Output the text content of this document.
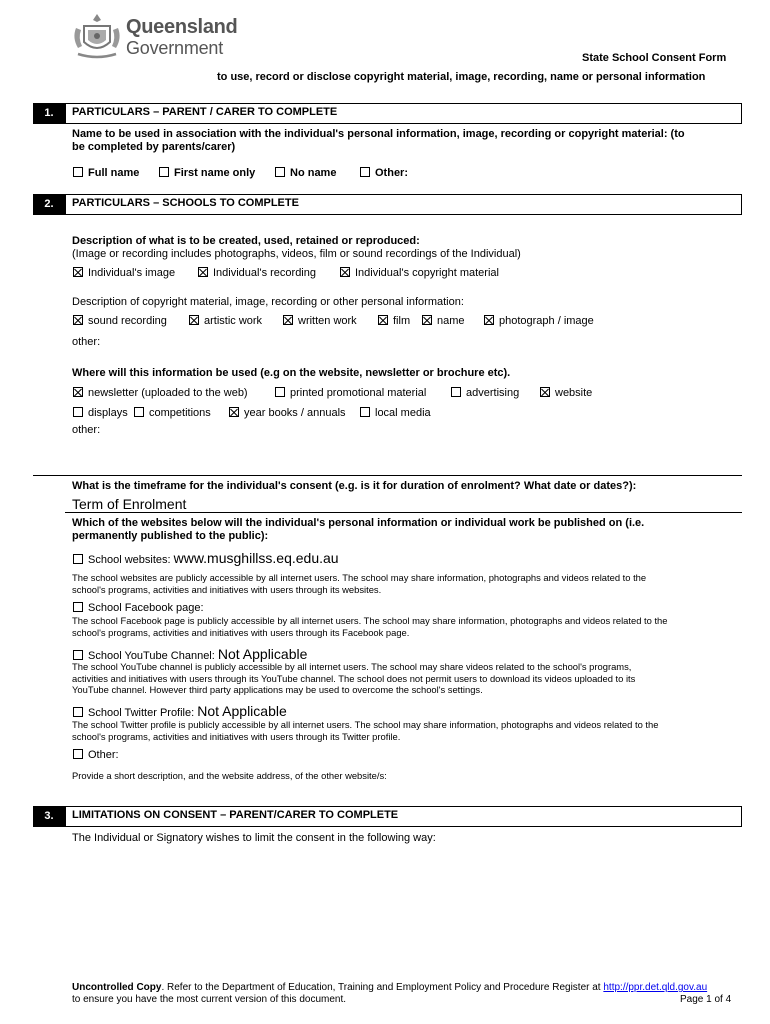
Queensland
Government	State School Consent Form
to use, record or disclose copyright material, image, recording, name or personal information
1.	PARTICULARS – PARENT / CARER TO COMPLETE
Name to be used in association with the individual's personal information, image, recording or copyright material: (to
be completed by parents/carer)
Full name	First name only	No name	Other:
2.	PARTICULARS – SCHOOLS TO COMPLETE
Description of what is to be created, used, retained or reproduced:
(Image or recording includes photographs, videos, film or sound recordings of the Individual)
Individual's image	Individual's recording	Individual's copyright material
Description of copyright material, image, recording or other personal information:
sound recording	artistic work	written work	film	name	photograph / image
other:
Where will this information be used (e.g on the website, newsletter or brochure etc).
newsletter (uploaded to the web)	printed promotional material	advertising	website
displays	competitions	year books / annuals	local media
other:
What is the timeframe for the individual's consent (e.g. is it for duration of enrolment? What date or dates?):
Term of Enrolment
Which of the websites below will the individual's personal information or individual work be published on (i.e.
permanently published to the public):
School websites: www.musghillss.eq.edu.au
The school websites are publicly accessible by all internet users. The school may share information, photographs and videos related to the
school's programs, activities and initiatives with users through its websites.
School Facebook page:
The school Facebook page is publicly accessible by all internet users. The school may share information, photographs and videos related to the
school's programs, activities and initiatives with users through its Facebook page.
School YouTube Channel: Not Applicable
The school YouTube channel is publicly accessible by all internet users. The school may share videos related to the school's programs,
activities and initiatives with users through its YouTube channel. The school does not permit users to download its videos uploaded to its
YouTube channel. However third party applications may be used to overcome the school's settings.
School Twitter Profile: Not Applicable
The school Twitter profile is publicly accessible by all internet users. The school may share information, photographs and videos related to the
school's programs, activities and initiatives with users through its Twitter profile.
Other:
Provide a short description, and the website address, of the other website/s:
3.	LIMITATIONS ON CONSENT – PARENT/CARER TO COMPLETE
The Individual or Signatory wishes to limit the consent in the following way:
Uncontrolled Copy. Refer to the Department of Education, Training and Employment Policy and Procedure Register at http://ppr.det.qld.gov.au
to ensure you have the most current version of this document.	Page 1 of 4
